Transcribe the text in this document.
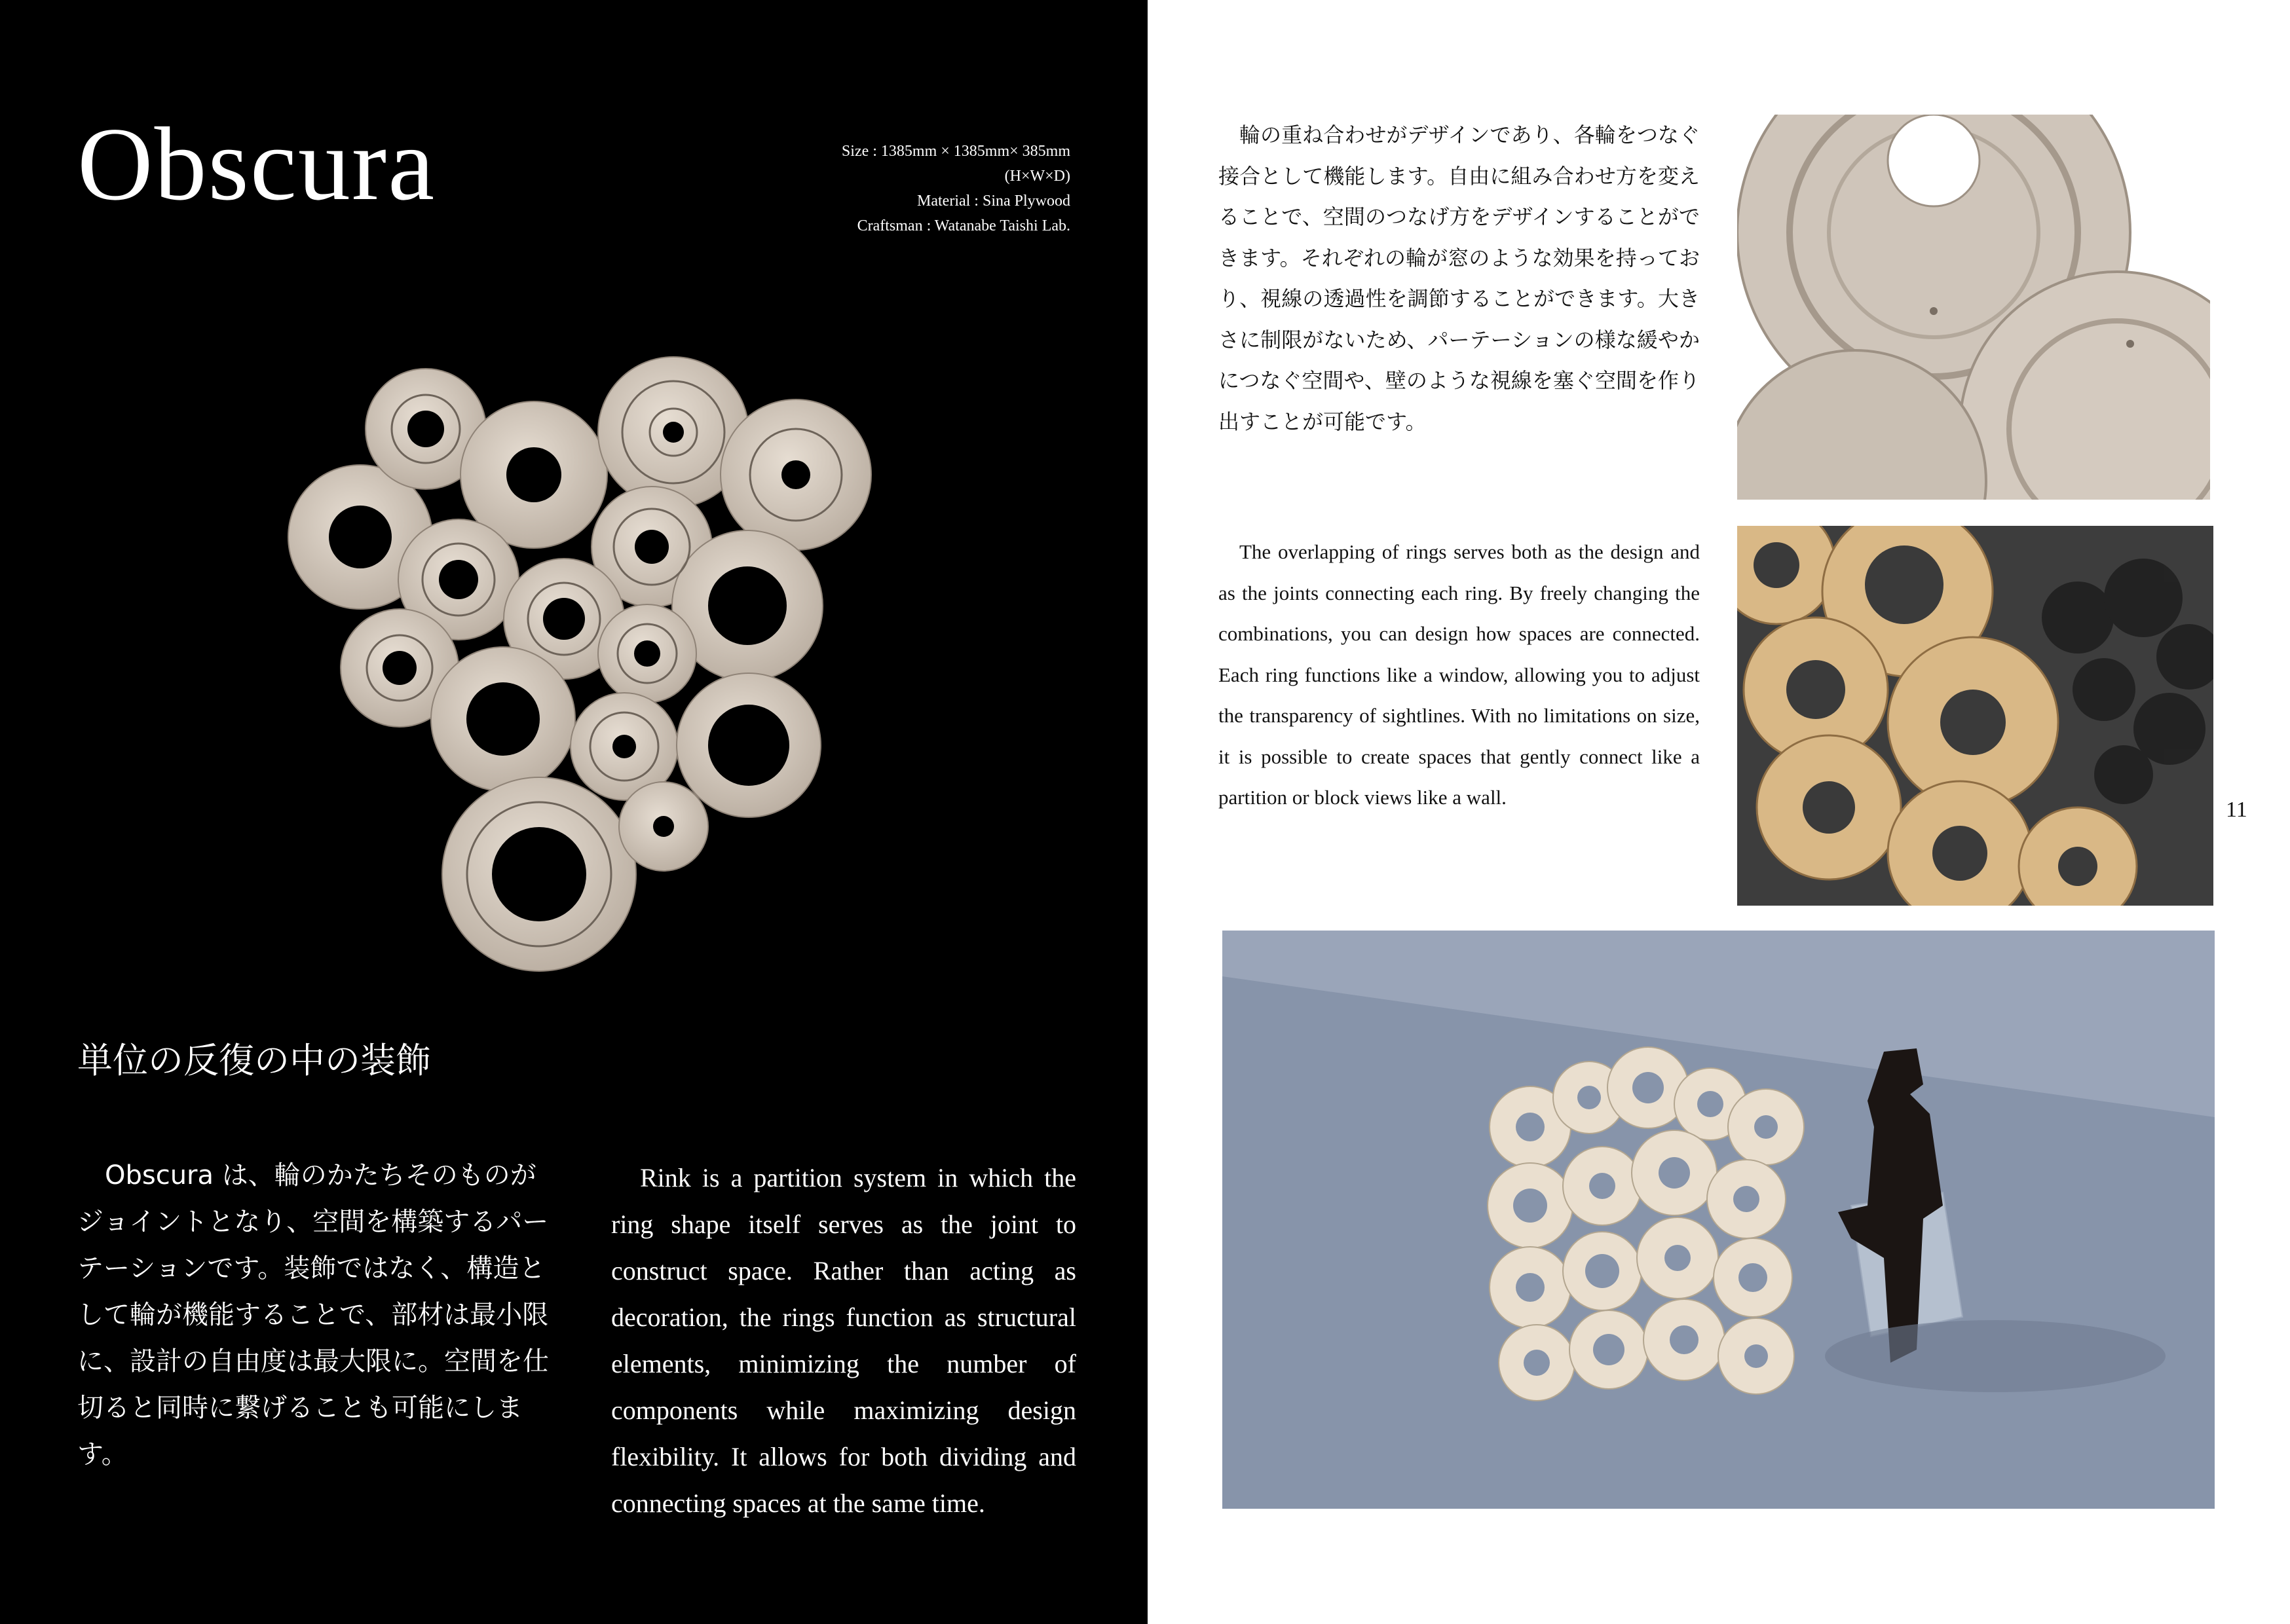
Obscura	Size : 1385mm × 1385mm× 385mm
(H×W×D)
Material : Sina Plywood
Craftsman : Watanabe Taishi Lab.
単位の反復の中の装飾
Obscura は、輪のかたちそのものがジョイントとなり、空間を構築するパーテーションです。装飾ではなく、構造として輪が機能することで、部材は最小限に、設計の自由度は最大限に。空間を仕切ると同時に繋げることも可能にします。
Rink is a partition system in which the ring shape itself serves as the joint to construct space. Rather than acting as decoration, the rings function as structural elements, minimizing the number of components while maximizing design flexibility. It allows for both dividing and connecting spaces at the same time.
輪の重ね合わせがデザインであり、各輪をつなぐ接合として機能します。自由に組み合わせ方を変えることで、空間のつなげ方をデザインすることができます。それぞれの輪が窓のような効果を持っており、視線の透過性を調節することができます。大きさに制限がないため、パーテーションの様な緩やかにつなぐ空間や、壁のような視線を塞ぐ空間を作り出すことが可能です。
The overlapping of rings serves both as the design and as the joints connecting each ring. By freely changing the combinations, you can design how spaces are connected. Each ring functions like a window, allowing you to adjust the transparency of sightlines. With no limitations on size, it is possible to create spaces that gently connect like a partition or block views like a wall.
11
